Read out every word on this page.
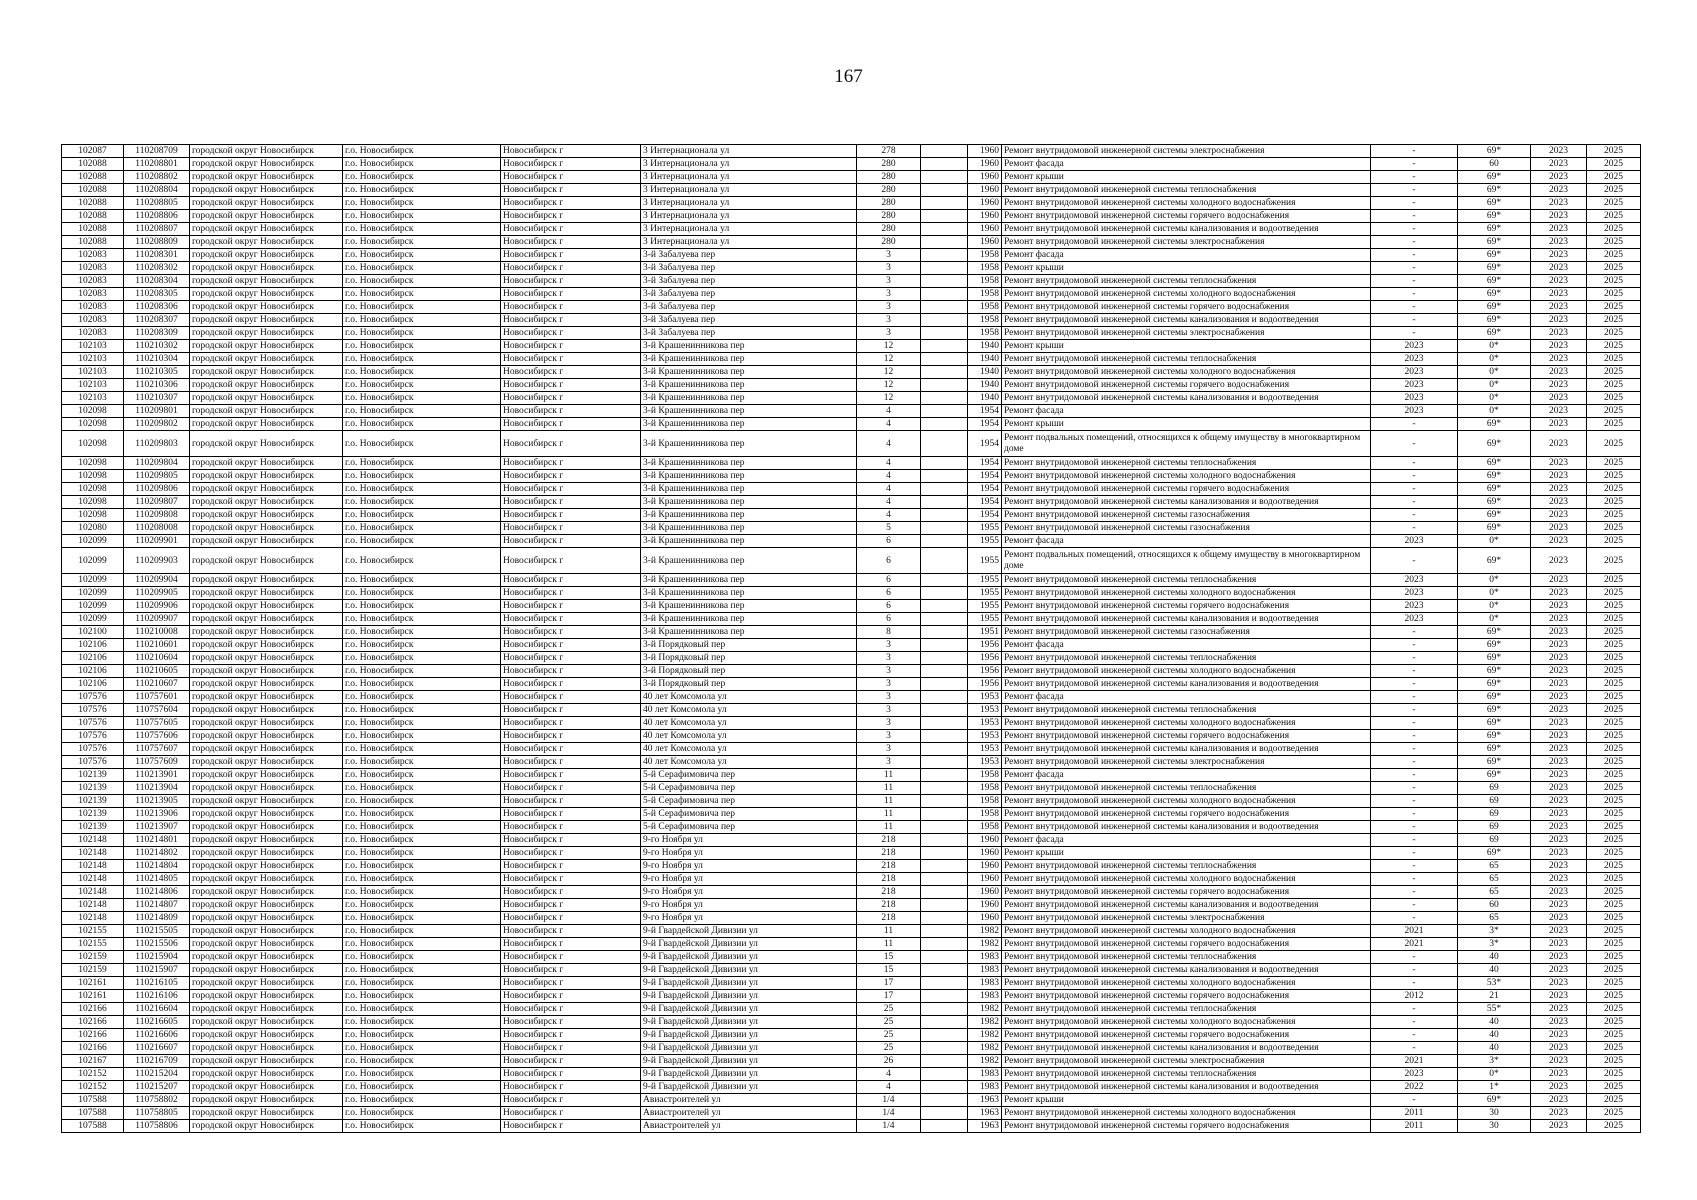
167
102087	110208709	городской округ Новосибирск	г.о. Новосибирск	Новосибирск г	3 Интернационала ул	278		1960	Ремонт внутридомовой инженерной системы электроснабжения	-	69*	2023	2025
102088	110208801	городской округ Новосибирск	г.о. Новосибирск	Новосибирск г	3 Интернационала ул	280		1960	Ремонт фасада	-	60	2023	2025
102088	110208802	городской округ Новосибирск	г.о. Новосибирск	Новосибирск г	3 Интернационала ул	280		1960	Ремонт крыши	-	69*	2023	2025
102088	110208804	городской округ Новосибирск	г.о. Новосибирск	Новосибирск г	3 Интернационала ул	280		1960	Ремонт внутридомовой инженерной системы теплоснабжения	-	69*	2023	2025
102088	110208805	городской округ Новосибирск	г.о. Новосибирск	Новосибирск г	3 Интернационала ул	280		1960	Ремонт внутридомовой инженерной системы холодного водоснабжения	-	69*	2023	2025
102088	110208806	городской округ Новосибирск	г.о. Новосибирск	Новосибирск г	3 Интернационала ул	280		1960	Ремонт внутридомовой инженерной системы горячего водоснабжения	-	69*	2023	2025
102088	110208807	городской округ Новосибирск	г.о. Новосибирск	Новосибирск г	3 Интернационала ул	280		1960	Ремонт внутридомовой инженерной системы канализования и водоотведения	-	69*	2023	2025
102088	110208809	городской округ Новосибирск	г.о. Новосибирск	Новосибирск г	3 Интернационала ул	280		1960	Ремонт внутридомовой инженерной системы электроснабжения	-	69*	2023	2025
102083	110208301	городской округ Новосибирск	г.о. Новосибирск	Новосибирск г	3-й Забалуева пер	3		1958	Ремонт фасада	-	69*	2023	2025
102083	110208302	городской округ Новосибирск	г.о. Новосибирск	Новосибирск г	3-й Забалуева пер	3		1958	Ремонт крыши	-	69*	2023	2025
102083	110208304	городской округ Новосибирск	г.о. Новосибирск	Новосибирск г	3-й Забалуева пер	3		1958	Ремонт внутридомовой инженерной системы теплоснабжения	-	69*	2023	2025
102083	110208305	городской округ Новосибирск	г.о. Новосибирск	Новосибирск г	3-й Забалуева пер	3		1958	Ремонт внутридомовой инженерной системы холодного водоснабжения	-	69*	2023	2025
102083	110208306	городской округ Новосибирск	г.о. Новосибирск	Новосибирск г	3-й Забалуева пер	3		1958	Ремонт внутридомовой инженерной системы горячего водоснабжения	-	69*	2023	2025
102083	110208307	городской округ Новосибирск	г.о. Новосибирск	Новосибирск г	3-й Забалуева пер	3		1958	Ремонт внутридомовой инженерной системы канализования и водоотведения	-	69*	2023	2025
102083	110208309	городской округ Новосибирск	г.о. Новосибирск	Новосибирск г	3-й Забалуева пер	3		1958	Ремонт внутридомовой инженерной системы электроснабжения	-	69*	2023	2025
102103	110210302	городской округ Новосибирск	г.о. Новосибирск	Новосибирск г	3-й Крашенинникова пер	12		1940	Ремонт крыши	2023	0*	2023	2025
102103	110210304	городской округ Новосибирск	г.о. Новосибирск	Новосибирск г	3-й Крашенинникова пер	12		1940	Ремонт внутридомовой инженерной системы теплоснабжения	2023	0*	2023	2025
102103	110210305	городской округ Новосибирск	г.о. Новосибирск	Новосибирск г	3-й Крашенинникова пер	12		1940	Ремонт внутридомовой инженерной системы холодного водоснабжения	2023	0*	2023	2025
102103	110210306	городской округ Новосибирск	г.о. Новосибирск	Новосибирск г	3-й Крашенинникова пер	12		1940	Ремонт внутридомовой инженерной системы горячего водоснабжения	2023	0*	2023	2025
102103	110210307	городской округ Новосибирск	г.о. Новосибирск	Новосибирск г	3-й Крашенинникова пер	12		1940	Ремонт внутридомовой инженерной системы канализования и водоотведения	2023	0*	2023	2025
102098	110209801	городской округ Новосибирск	г.о. Новосибирск	Новосибирск г	3-й Крашенинникова пер	4		1954	Ремонт фасада	2023	0*	2023	2025
102098	110209802	городской округ Новосибирск	г.о. Новосибирск	Новосибирск г	3-й Крашенинникова пер	4		1954	Ремонт крыши	-	69*	2023	2025
102098	110209803	городской округ Новосибирск	г.о. Новосибирск	Новосибирск г	3-й Крашенинникова пер	4		1954	Ремонт подвальных помещений, относящихся к общему имуществу в многоквартирном доме	-	69*	2023	2025
102098	110209804	городской округ Новосибирск	г.о. Новосибирск	Новосибирск г	3-й Крашенинникова пер	4		1954	Ремонт внутридомовой инженерной системы теплоснабжения	-	69*	2023	2025
102098	110209805	городской округ Новосибирск	г.о. Новосибирск	Новосибирск г	3-й Крашенинникова пер	4		1954	Ремонт внутридомовой инженерной системы холодного водоснабжения	-	69*	2023	2025
102098	110209806	городской округ Новосибирск	г.о. Новосибирск	Новосибирск г	3-й Крашенинникова пер	4		1954	Ремонт внутридомовой инженерной системы горячего водоснабжения	-	69*	2023	2025
102098	110209807	городской округ Новосибирск	г.о. Новосибирск	Новосибирск г	3-й Крашенинникова пер	4		1954	Ремонт внутридомовой инженерной системы канализования и водоотведения	-	69*	2023	2025
102098	110209808	городской округ Новосибирск	г.о. Новосибирск	Новосибирск г	3-й Крашенинникова пер	4		1954	Ремонт внутридомовой инженерной системы газоснабжения	-	69*	2023	2025
102080	110208008	городской округ Новосибирск	г.о. Новосибирск	Новосибирск г	3-й Крашенинникова пер	5		1955	Ремонт внутридомовой инженерной системы газоснабжения	-	69*	2023	2025
102099	110209901	городской округ Новосибирск	г.о. Новосибирск	Новосибирск г	3-й Крашенинникова пер	6		1955	Ремонт фасада	2023	0*	2023	2025
102099	110209903	городской округ Новосибирск	г.о. Новосибирск	Новосибирск г	3-й Крашенинникова пер	6		1955	Ремонт подвальных помещений, относящихся к общему имуществу в многоквартирном доме	-	69*	2023	2025
102099	110209904	городской округ Новосибирск	г.о. Новосибирск	Новосибирск г	3-й Крашенинникова пер	6		1955	Ремонт внутридомовой инженерной системы теплоснабжения	2023	0*	2023	2025
102099	110209905	городской округ Новосибирск	г.о. Новосибирск	Новосибирск г	3-й Крашенинникова пер	6		1955	Ремонт внутридомовой инженерной системы холодного водоснабжения	2023	0*	2023	2025
102099	110209906	городской округ Новосибирск	г.о. Новосибирск	Новосибирск г	3-й Крашенинникова пер	6		1955	Ремонт внутридомовой инженерной системы горячего водоснабжения	2023	0*	2023	2025
102099	110209907	городской округ Новосибирск	г.о. Новосибирск	Новосибирск г	3-й Крашенинникова пер	6		1955	Ремонт внутридомовой инженерной системы канализования и водоотведения	2023	0*	2023	2025
102100	110210008	городской округ Новосибирск	г.о. Новосибирск	Новосибирск г	3-й Крашенинникова пер	8		1951	Ремонт внутридомовой инженерной системы газоснабжения	-	69*	2023	2025
102106	110210601	городской округ Новосибирск	г.о. Новосибирск	Новосибирск г	3-й Порядковый пер	3		1956	Ремонт фасада	-	69*	2023	2025
102106	110210604	городской округ Новосибирск	г.о. Новосибирск	Новосибирск г	3-й Порядковый пер	3		1956	Ремонт внутридомовой инженерной системы теплоснабжения	-	69*	2023	2025
102106	110210605	городской округ Новосибирск	г.о. Новосибирск	Новосибирск г	3-й Порядковый пер	3		1956	Ремонт внутридомовой инженерной системы холодного водоснабжения	-	69*	2023	2025
102106	110210607	городской округ Новосибирск	г.о. Новосибирск	Новосибирск г	3-й Порядковый пер	3		1956	Ремонт внутридомовой инженерной системы канализования и водоотведения	-	69*	2023	2025
107576	110757601	городской округ Новосибирск	г.о. Новосибирск	Новосибирск г	40 лет Комсомола ул	3		1953	Ремонт фасада	-	69*	2023	2025
107576	110757604	городской округ Новосибирск	г.о. Новосибирск	Новосибирск г	40 лет Комсомола ул	3		1953	Ремонт внутридомовой инженерной системы теплоснабжения	-	69*	2023	2025
107576	110757605	городской округ Новосибирск	г.о. Новосибирск	Новосибирск г	40 лет Комсомола ул	3		1953	Ремонт внутридомовой инженерной системы холодного водоснабжения	-	69*	2023	2025
107576	110757606	городской округ Новосибирск	г.о. Новосибирск	Новосибирск г	40 лет Комсомола ул	3		1953	Ремонт внутридомовой инженерной системы горячего водоснабжения	-	69*	2023	2025
107576	110757607	городской округ Новосибирск	г.о. Новосибирск	Новосибирск г	40 лет Комсомола ул	3		1953	Ремонт внутридомовой инженерной системы канализования и водоотведения	-	69*	2023	2025
107576	110757609	городской округ Новосибирск	г.о. Новосибирск	Новосибирск г	40 лет Комсомола ул	3		1953	Ремонт внутридомовой инженерной системы электроснабжения	-	69*	2023	2025
102139	110213901	городской округ Новосибирск	г.о. Новосибирск	Новосибирск г	5-й Серафимовича пер	11		1958	Ремонт фасада	-	69*	2023	2025
102139	110213904	городской округ Новосибирск	г.о. Новосибирск	Новосибирск г	5-й Серафимовича пер	11		1958	Ремонт внутридомовой инженерной системы теплоснабжения	-	69	2023	2025
102139	110213905	городской округ Новосибирск	г.о. Новосибирск	Новосибирск г	5-й Серафимовича пер	11		1958	Ремонт внутридомовой инженерной системы холодного водоснабжения	-	69	2023	2025
102139	110213906	городской округ Новосибирск	г.о. Новосибирск	Новосибирск г	5-й Серафимовича пер	11		1958	Ремонт внутридомовой инженерной системы горячего водоснабжения	-	69	2023	2025
102139	110213907	городской округ Новосибирск	г.о. Новосибирск	Новосибирск г	5-й Серафимовича пер	11		1958	Ремонт внутридомовой инженерной системы канализования и водоотведения	-	69	2023	2025
102148	110214801	городской округ Новосибирск	г.о. Новосибирск	Новосибирск г	9-го Ноября ул	218		1960	Ремонт фасада	-	69	2023	2025
102148	110214802	городской округ Новосибирск	г.о. Новосибирск	Новосибирск г	9-го Ноября ул	218		1960	Ремонт крыши	-	69*	2023	2025
102148	110214804	городской округ Новосибирск	г.о. Новосибирск	Новосибирск г	9-го Ноября ул	218		1960	Ремонт внутридомовой инженерной системы теплоснабжения	-	65	2023	2025
102148	110214805	городской округ Новосибирск	г.о. Новосибирск	Новосибирск г	9-го Ноября ул	218		1960	Ремонт внутридомовой инженерной системы холодного водоснабжения	-	65	2023	2025
102148	110214806	городской округ Новосибирск	г.о. Новосибирск	Новосибирск г	9-го Ноября ул	218		1960	Ремонт внутридомовой инженерной системы горячего водоснабжения	-	65	2023	2025
102148	110214807	городской округ Новосибирск	г.о. Новосибирск	Новосибирск г	9-го Ноября ул	218		1960	Ремонт внутридомовой инженерной системы канализования и водоотведения	-	60	2023	2025
102148	110214809	городской округ Новосибирск	г.о. Новосибирск	Новосибирск г	9-го Ноября ул	218		1960	Ремонт внутридомовой инженерной системы электроснабжения	-	65	2023	2025
102155	110215505	городской округ Новосибирск	г.о. Новосибирск	Новосибирск г	9-й Гвардейской Дивизии ул	11		1982	Ремонт внутридомовой инженерной системы холодного водоснабжения	2021	3*	2023	2025
102155	110215506	городской округ Новосибирск	г.о. Новосибирск	Новосибирск г	9-й Гвардейской Дивизии ул	11		1982	Ремонт внутридомовой инженерной системы горячего водоснабжения	2021	3*	2023	2025
102159	110215904	городской округ Новосибирск	г.о. Новосибирск	Новосибирск г	9-й Гвардейской Дивизии ул	15		1983	Ремонт внутридомовой инженерной системы теплоснабжения	-	40	2023	2025
102159	110215907	городской округ Новосибирск	г.о. Новосибирск	Новосибирск г	9-й Гвардейской Дивизии ул	15		1983	Ремонт внутридомовой инженерной системы канализования и водоотведения	-	40	2023	2025
102161	110216105	городской округ Новосибирск	г.о. Новосибирск	Новосибирск г	9-й Гвардейской Дивизии ул	17		1983	Ремонт внутридомовой инженерной системы холодного водоснабжения	-	53*	2023	2025
102161	110216106	городской округ Новосибирск	г.о. Новосибирск	Новосибирск г	9-й Гвардейской Дивизии ул	17		1983	Ремонт внутридомовой инженерной системы горячего водоснабжения	2012	21	2023	2025
102166	110216604	городской округ Новосибирск	г.о. Новосибирск	Новосибирск г	9-й Гвардейской Дивизии ул	25		1982	Ремонт внутридомовой инженерной системы теплоснабжения	-	55*	2023	2025
102166	110216605	городской округ Новосибирск	г.о. Новосибирск	Новосибирск г	9-й Гвардейской Дивизии ул	25		1982	Ремонт внутридомовой инженерной системы холодного водоснабжения	-	40	2023	2025
102166	110216606	городской округ Новосибирск	г.о. Новосибирск	Новосибирск г	9-й Гвардейской Дивизии ул	25		1982	Ремонт внутридомовой инженерной системы горячего водоснабжения	-	40	2023	2025
102166	110216607	городской округ Новосибирск	г.о. Новосибирск	Новосибирск г	9-й Гвардейской Дивизии ул	25		1982	Ремонт внутридомовой инженерной системы канализования и водоотведения	-	40	2023	2025
102167	110216709	городской округ Новосибирск	г.о. Новосибирск	Новосибирск г	9-й Гвардейской Дивизии ул	26		1982	Ремонт внутридомовой инженерной системы электроснабжения	2021	3*	2023	2025
102152	110215204	городской округ Новосибирск	г.о. Новосибирск	Новосибирск г	9-й Гвардейской Дивизии ул	4		1983	Ремонт внутридомовой инженерной системы теплоснабжения	2023	0*	2023	2025
102152	110215207	городской округ Новосибирск	г.о. Новосибирск	Новосибирск г	9-й Гвардейской Дивизии ул	4		1983	Ремонт внутридомовой инженерной системы канализования и водоотведения	2022	1*	2023	2025
107588	110758802	городской округ Новосибирск	г.о. Новосибирск	Новосибирск г	Авиастроителей ул	1/4		1963	Ремонт крыши	-	69*	2023	2025
107588	110758805	городской округ Новосибирск	г.о. Новосибирск	Новосибирск г	Авиастроителей ул	1/4		1963	Ремонт внутридомовой инженерной системы холодного водоснабжения	2011	30	2023	2025
107588	110758806	городской округ Новосибирск	г.о. Новосибирск	Новосибирск г	Авиастроителей ул	1/4		1963	Ремонт внутридомовой инженерной системы горячего водоснабжения	2011	30	2023	2025
